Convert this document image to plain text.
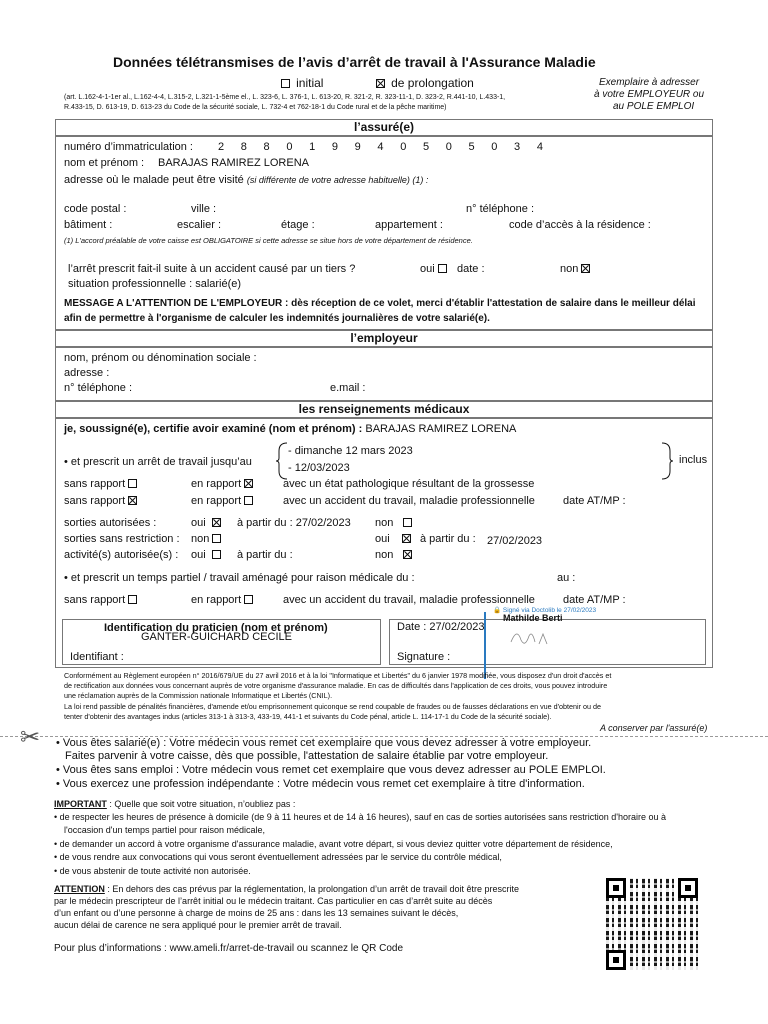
Données télétransmises de l’avis d’arrêt de travail à l'Assurance Maladie
initial	de prolongation
(art. L.162-4-1-1er al., L.162-4-4, L.315-2, L.321-1-5ème el., L. 323-6, L. 376-1, L. 613-20, R. 321-2, R. 323-11-1, D. 323-2, R.441-10, L.433-1,
R.433-15, D. 613-19, D. 613-23 du Code de la sécurité sociale, L. 732-4 et 762-18-1 du Code rural et de la pêche maritime)
Exemplaire à adresser
à votre EMPLOYEUR ou
au POLE EMPLOI
l’assuré(e)
numéro d’immatriculation : 2 8 8 0 1 9 9 4 0 5 0 5 0 3 4
nom et prénom : BARAJAS RAMIREZ LORENA
adresse où le malade peut être visité (si différente de votre adresse habituelle) (1) :
code postal :	ville :	n° téléphone :
bâtiment :	escalier :	étage :	appartement :	code d’accès à la résidence :
(1) L'accord préalable de votre caisse est OBLIGATOIRE si cette adresse se situe hors de votre département de résidence.
l’arrêt prescrit fait-il suite à un accident causé par un tiers ?	oui	date :	non
situation professionnelle : salarié(e)
MESSAGE A L'ATTENTION DE L'EMPLOYEUR : dès réception de ce volet, merci d'établir l'attestation de salaire dans le meilleur délai
afin de permettre à l'organisme de calculer les indemnités journalières de votre salarié(e).
l’employeur
nom, prénom ou dénomination sociale :
adresse :
n° téléphone :	e.mail :
les renseignements médicaux
je, soussigné(e), certifie avoir examiné (nom et prénom) : BARAJAS RAMIREZ LORENA
• et prescrit un arrêt de travail jusqu’au
- dimanche 12 mars 2023
- 12/03/2023
inclus
sans rapport	en rapport	avec un état pathologique résultant de la grossesse
sans rapport	en rapport	avec un accident du travail, maladie professionnelle	date AT/MP :
sorties autorisées :	oui	à partir du : 27/02/2023 non
sorties sans restriction : non	oui	à partir du : 27/02/2023
activité(s) autorisée(s) : oui	à partir du :	non
• et prescrit un temps partiel / travail aménagé pour raison médicale du :	au :
sans rapport	en rapport	avec un accident du travail, maladie professionnelle	date AT/MP :
Identification du praticien (nom et prénom)
GANTER-GUICHARD CECILE
Identifiant :
Date : 27/02/2023
Signature :
🔒 Signé via Doctolib le 27/02/2023
Mathilde Berti
Conformément au Règlement européen n° 2016/679/UE du 27 avril 2016 et à la loi "Informatique et Libertés" du 6 janvier 1978 modifiée, vous disposez d'un droit d'accès et
de rectification aux données vous concernant auprès de votre organisme d'assurance maladie. En cas de difficultés dans l'application de ces droits, vous pouvez introduire
une réclamation auprès de la Commission nationale Informatique et Libertés (CNIL).
La loi rend passible de pénalités financières, d'amende et/ou emprisonnement quiconque se rend coupable de fraudes ou de fausses déclarations en vue d'obtenir ou de
tenter d'obtenir des avantages indus (articles 313-1 à 313-3, 433-19, 441-1 et suivants du Code pénal, article L. 114-17-1 du Code de la sécurité sociale).
A conserver par l'assuré(e)
✂
•	Vous êtes salarié(e) : Votre médecin vous remet cet exemplaire que vous devez adresser à votre employeur.
Faites parvenir à votre caisse, dès que possible, l'attestation de salaire établie par votre employeur.
• Vous êtes sans emploi : Votre médecin vous remet cet exemplaire que vous devez adresser au POLE EMPLOI.
• Vous exercez une profession indépendante : Votre médecin vous remet cet exemplaire à titre d'information.
IMPORTANT : Quelle que soit votre situation, n’oubliez pas :
• de respecter les heures de présence à domicile (de 9 à 11 heures et de 14 à 16 heures), sauf en cas de sorties autorisées sans restriction d'horaire ou à
l'occasion d'un temps partiel pour raison médicale,
• de demander un accord à votre organisme d'assurance maladie, avant votre départ, si vous deviez quitter votre département de résidence,
• de vous rendre aux convocations qui vous seront éventuellement adressées par le service du contrôle médical,
• de vous abstenir de toute activité non autorisée.
ATTENTION : En dehors des cas prévus par la réglementation, la prolongation d’un arrêt de travail doit être prescrite
par le médecin prescripteur de l’arrêt initial ou le médecin traitant. Cas particulier en cas d’arrêt suite au décès
d’un enfant ou d’une personne à charge de moins de 25 ans : dans les 13 semaines suivant le décès,
aucun délai de carence ne sera appliqué pour le premier arrêt de travail.
Pour plus d’informations : www.ameli.fr/arret-de-travail ou scannez le QR Code
